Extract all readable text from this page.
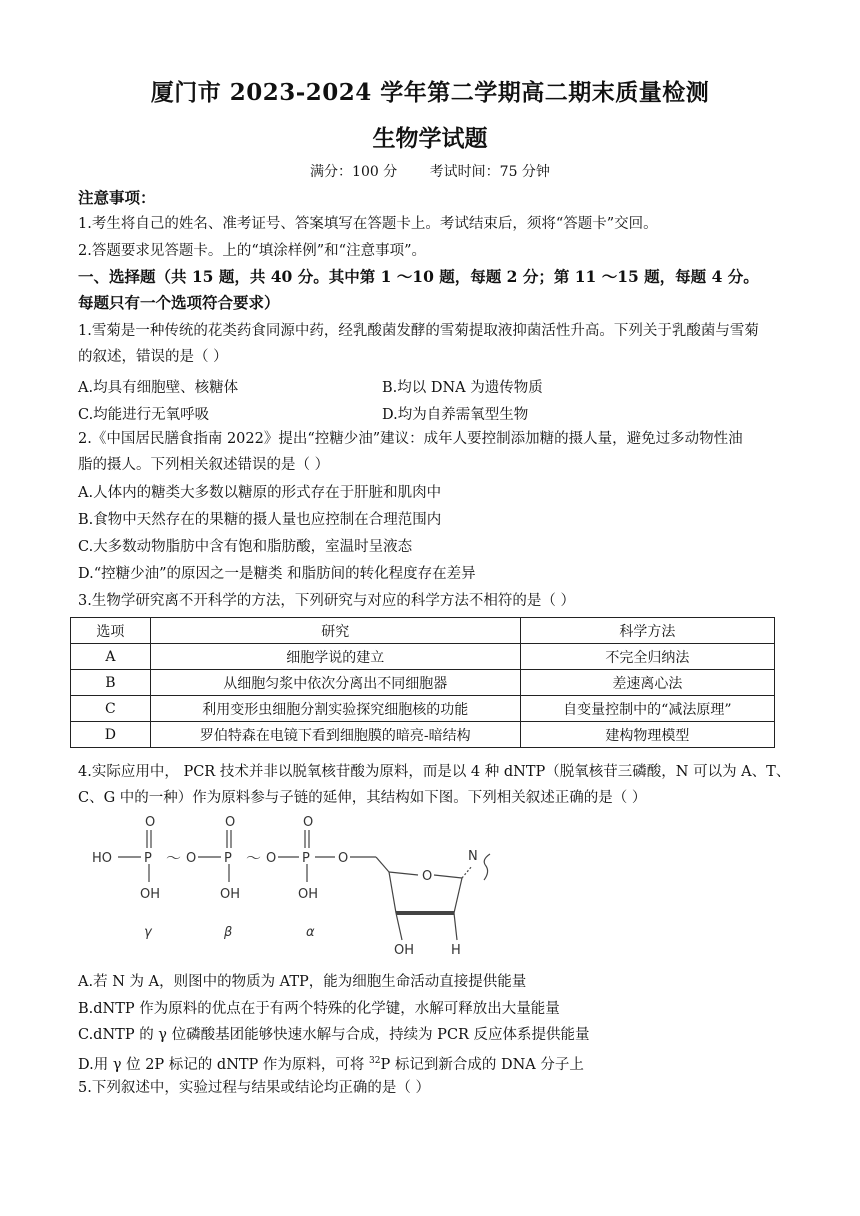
厦门市 2023-2024 学年第二学期高二期末质量检测
生物学试题
满分：100 分 考试时间：75 分钟
注意事项：
1.考生将自己的姓名、准考证号、答案填写在答题卡上。考试结束后，须将“答题卡”交回。
2.答题要求见答题卡。上的“填涂样例”和“注意事项”。
一、选择题（共 15 题，共 40 分。其中第 1 ～10 题，每题 2 分；第 11 ～15 题，每题 4 分。
每题只有一个选项符合要求）
1.雪菊是一种传统的花类药食同源中药，经乳酸菌发酵的雪菊提取液抑菌活性升高。下列关于乳酸菌与雪菊
的叙述，错误的是（ ）
A.均具有细胞壁、核糖体	B.均以 DNA 为遗传物质
C.均能进行无氧呼吸	D.均为自养需氧型生物
2.《中国居民膳食指南 2022》提出“控糖少油”建议：成年人要控制添加糖的摄人量，避免过多动物性油
脂的摄人。下列相关叙述错误的是（ ）
A.人体内的糖类大多数以糖原的形式存在于肝脏和肌肉中
B.食物中天然存在的果糖的摄人量也应控制在合理范围内
C.大多数动物脂肪中含有饱和脂肪酸，室温时呈液态
D.“控糖少油”的原因之一是糖类 和脂肪间的转化程度存在差异
3.生物学研究离不开科学的方法，下列研究与对应的科学方法不相符的是（ ）
选项	研究	科学方法
A	细胞学说的建立	不完全归纳法
B	从细胞匀浆中依次分离出不同细胞器	差速离心法
C	利用变形虫细胞分割实验探究细胞核的功能	自变量控制中的“减法原理”
D	罗伯特森在电镜下看到细胞膜的暗亮-暗结构	建构物理模型
4.实际应用中， PCR 技术并非以脱氧核苷酸为原料，而是以 4 种 dNTP（脱氧核苷三磷酸，N 可以为 A、T、
C、G 中的一种）作为原料参与子链的延伸，其结构如下图。下列相关叙述正确的是（ ）
HO P
O
OH
～ O P
O
OH
～ O P
O
OH
O
O
N
OH	H
γ	β	α
A.若 N 为 A，则图中的物质为 ATP，能为细胞生命活动直接提供能量
B.dNTP 作为原料的优点在于有两个特殊的化学键，水解可释放出大量能量
C.dNTP 的 γ 位磷酸基团能够快速水解与合成，持续为 PCR 反应体系提供能量
D.用 γ 位 2P 标记的 dNTP 作为原料，可将 $^{32}$P 标记到新合成的 DNA 分子上
5.下列叙述中，实验过程与结果或结论均正确的是（ ）
